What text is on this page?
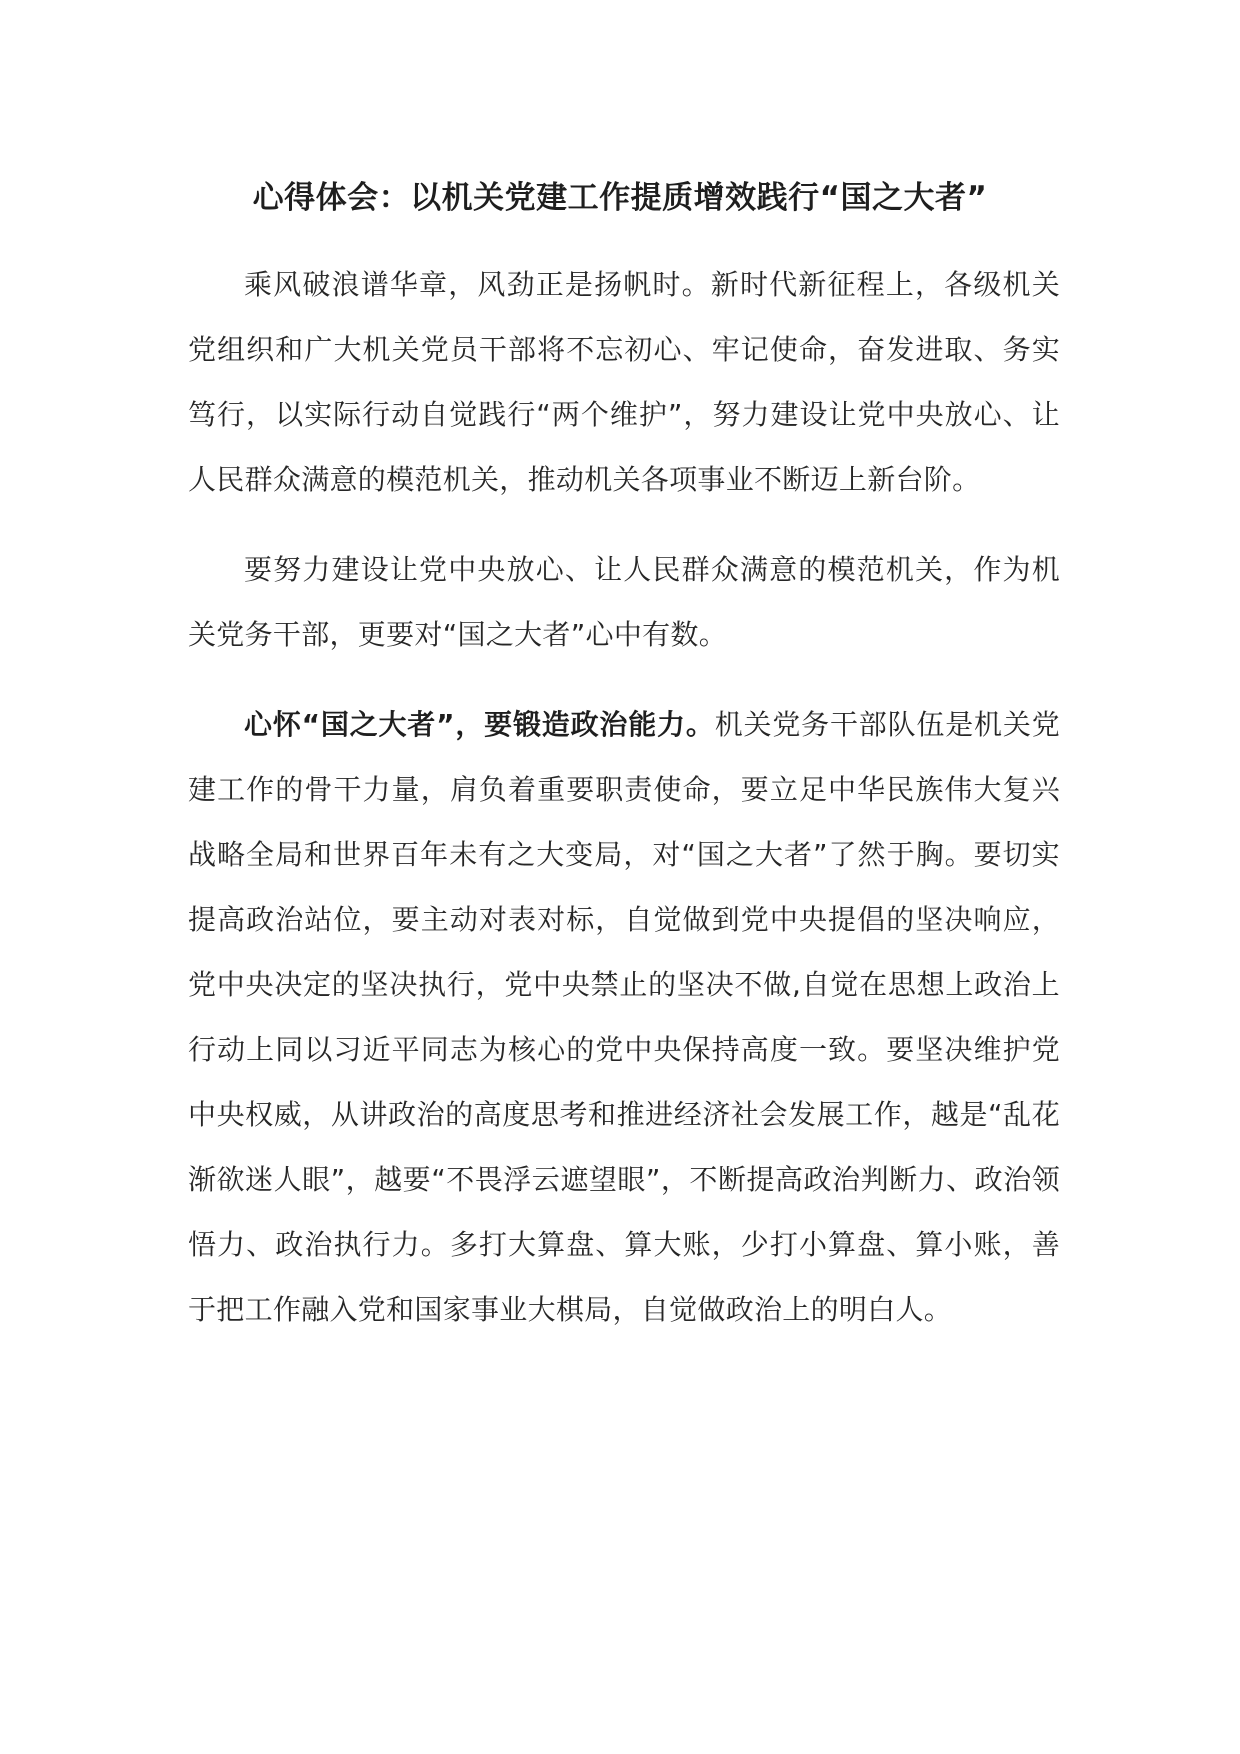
心得体会：以机关党建工作提质增效践行“国之大者”

乘风破浪谱华章，风劲正是扬帆时。新时代新征程上，各级机关党组织和广大机关党员干部将不忘初心、牢记使命，奋发进取、务实笃行，以实际行动自觉践行“两个维护”，努力建设让党中央放心、让人民群众满意的模范机关，推动机关各项事业不断迈上新台阶。

要努力建设让党中央放心、让人民群众满意的模范机关，作为机关党务干部，更要对“国之大者”心中有数。

心怀“国之大者”，要锻造政治能力。机关党务干部队伍是机关党建工作的骨干力量，肩负着重要职责使命，要立足中华民族伟大复兴战略全局和世界百年未有之大变局，对“国之大者”了然于胸。要切实提高政治站位，要主动对表对标，自觉做到党中央提倡的坚决响应，党中央决定的坚决执行，党中央禁止的坚决不做,自觉在思想上政治上行动上同以习近平同志为核心的党中央保持高度一致。要坚决维护党中央权威，从讲政治的高度思考和推进经济社会发展工作，越是“乱花渐欲迷人眼”，越要“不畏浮云遮望眼”，不断提高政治判断力、政治领悟力、政治执行力。多打大算盘、算大账，少打小算盘、算小账，善于把工作融入党和国家事业大棋局，自觉做政治上的明白人。
